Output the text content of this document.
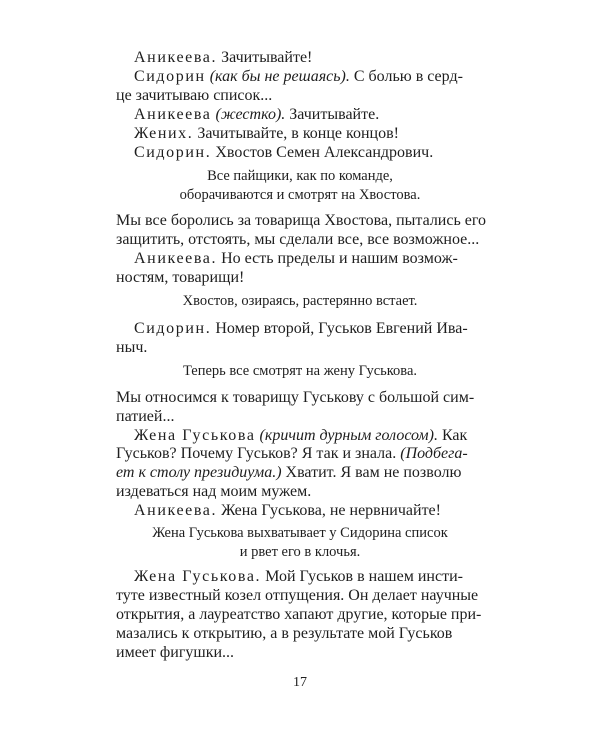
Аникеева. Зачитывайте!
Сидорин (как бы не решаясь). С болью в серд-
це зачитываю список...
Аникеева (жестко). Зачитывайте.
Жених. Зачитывайте, в конце концов!
Сидорин. Хвостов Семен Александрович.
Все пайщики, как по команде,
оборачиваются и смотрят на Хвостова.
Мы все боролись за товарища Хвостова, пытались его
защитить, отстоять, мы сделали все, все возможное...
Аникеева. Но есть пределы и нашим возмож-
ностям, товарищи!
Хвостов, озираясь, растерянно встает.
Сидорин. Номер второй, Гуськов Евгений Ива-
ныч.
Теперь все смотрят на жену Гуськова.
Мы относимся к товарищу Гуськову с большой сим-
патией...
Жена Гуськова (кричит дурным голосом). Как
Гуськов? Почему Гуськов? Я так и знала. (Подбега-
ет к столу президиума.) Хватит. Я вам не позволю
издеваться над моим мужем.
Аникеева. Жена Гуськова, не нервничайте!
Жена Гуськова выхватывает у Сидорина список
и рвет его в клочья.
Жена Гуськова. Мой Гуськов в нашем инсти-
туте известный козел отпущения. Он делает научные
открытия, а лауреатство хапают другие, которые при-
мазались к открытию, а в результате мой Гуськов
имеет фигушки...
17
